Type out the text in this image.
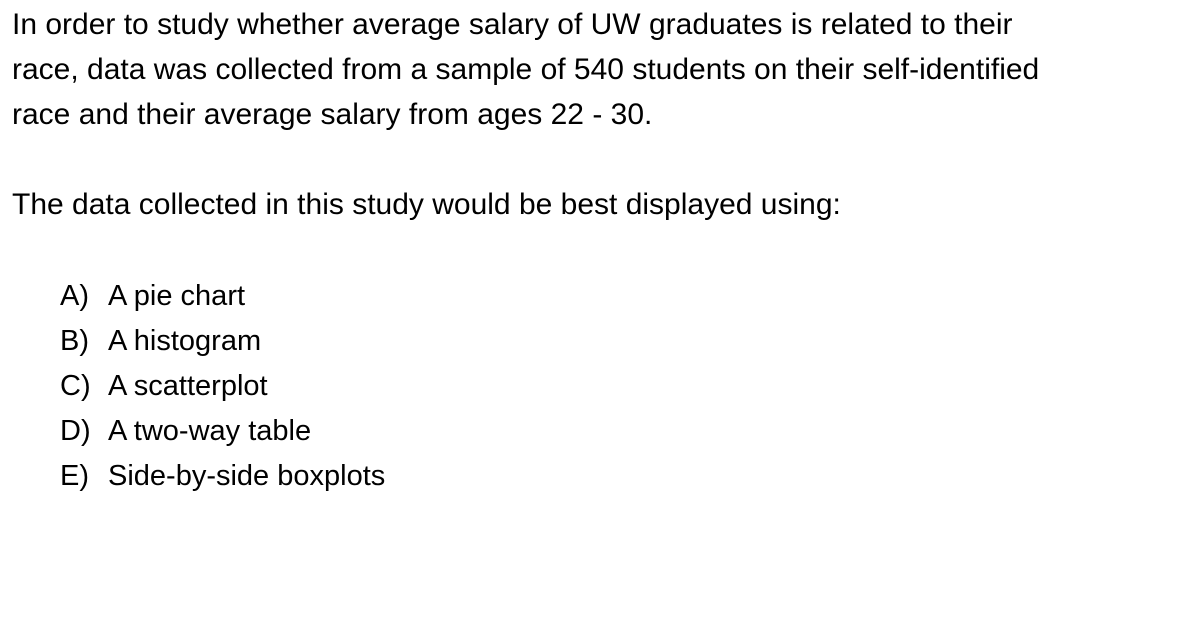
In order to study whether average salary of UW graduates is related to their
race, data was collected from a sample of 540 students on their self-identified
race and their average salary from ages 22 - 30.
The data collected in this study would be best displayed using:
A) A pie chart
B) A histogram
C) A scatterplot
D) A two-way table
E) Side-by-side boxplots
